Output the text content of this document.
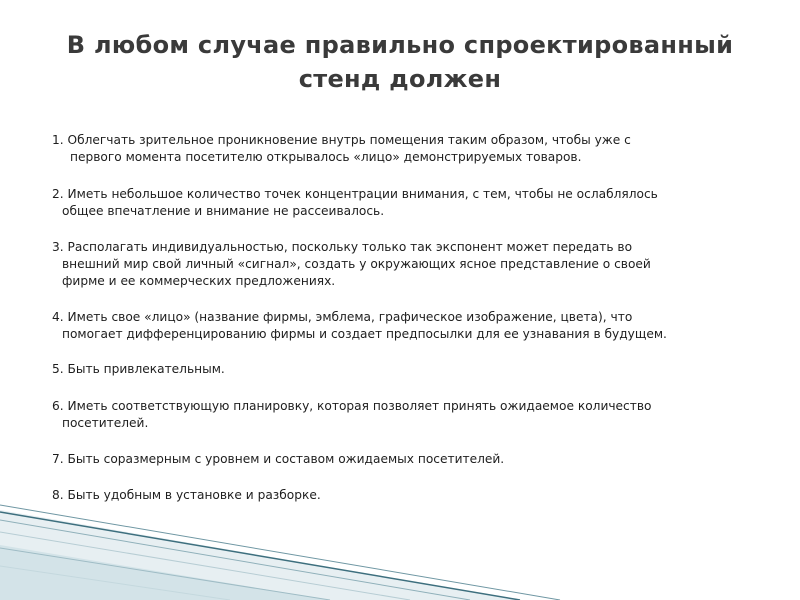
В любом случае правильно спроектированный
стенд должен
1. Облегчать зрительное проникновение внутрь помещения таким образом, чтобы уже с
первого момента посетителю открывалось «лицо» демонстрируемых товаров.
2. Иметь небольшое количество точек концентрации внимания, с тем, чтобы не ослаблялось
общее впечатление и внимание не рассеивалось.
3. Располагать индивидуальностью, поскольку только так экспонент может передать во
внешний мир свой личный «сигнал», создать у окружающих ясное представление о своей
фирме и ее коммерческих предложениях.
4. Иметь свое «лицо» (название фирмы, эмблема, графическое изображение, цвета), что
помогает дифференцированию фирмы и создает предпосылки для ее узнавания в будущем.
5. Быть привлекательным.
6. Иметь соответствующую планировку, которая позволяет принять ожидаемое количество
посетителей.
7. Быть соразмерным с уровнем и составом ожидаемых посетителей.
8. Быть удобным в установке и разборке.
